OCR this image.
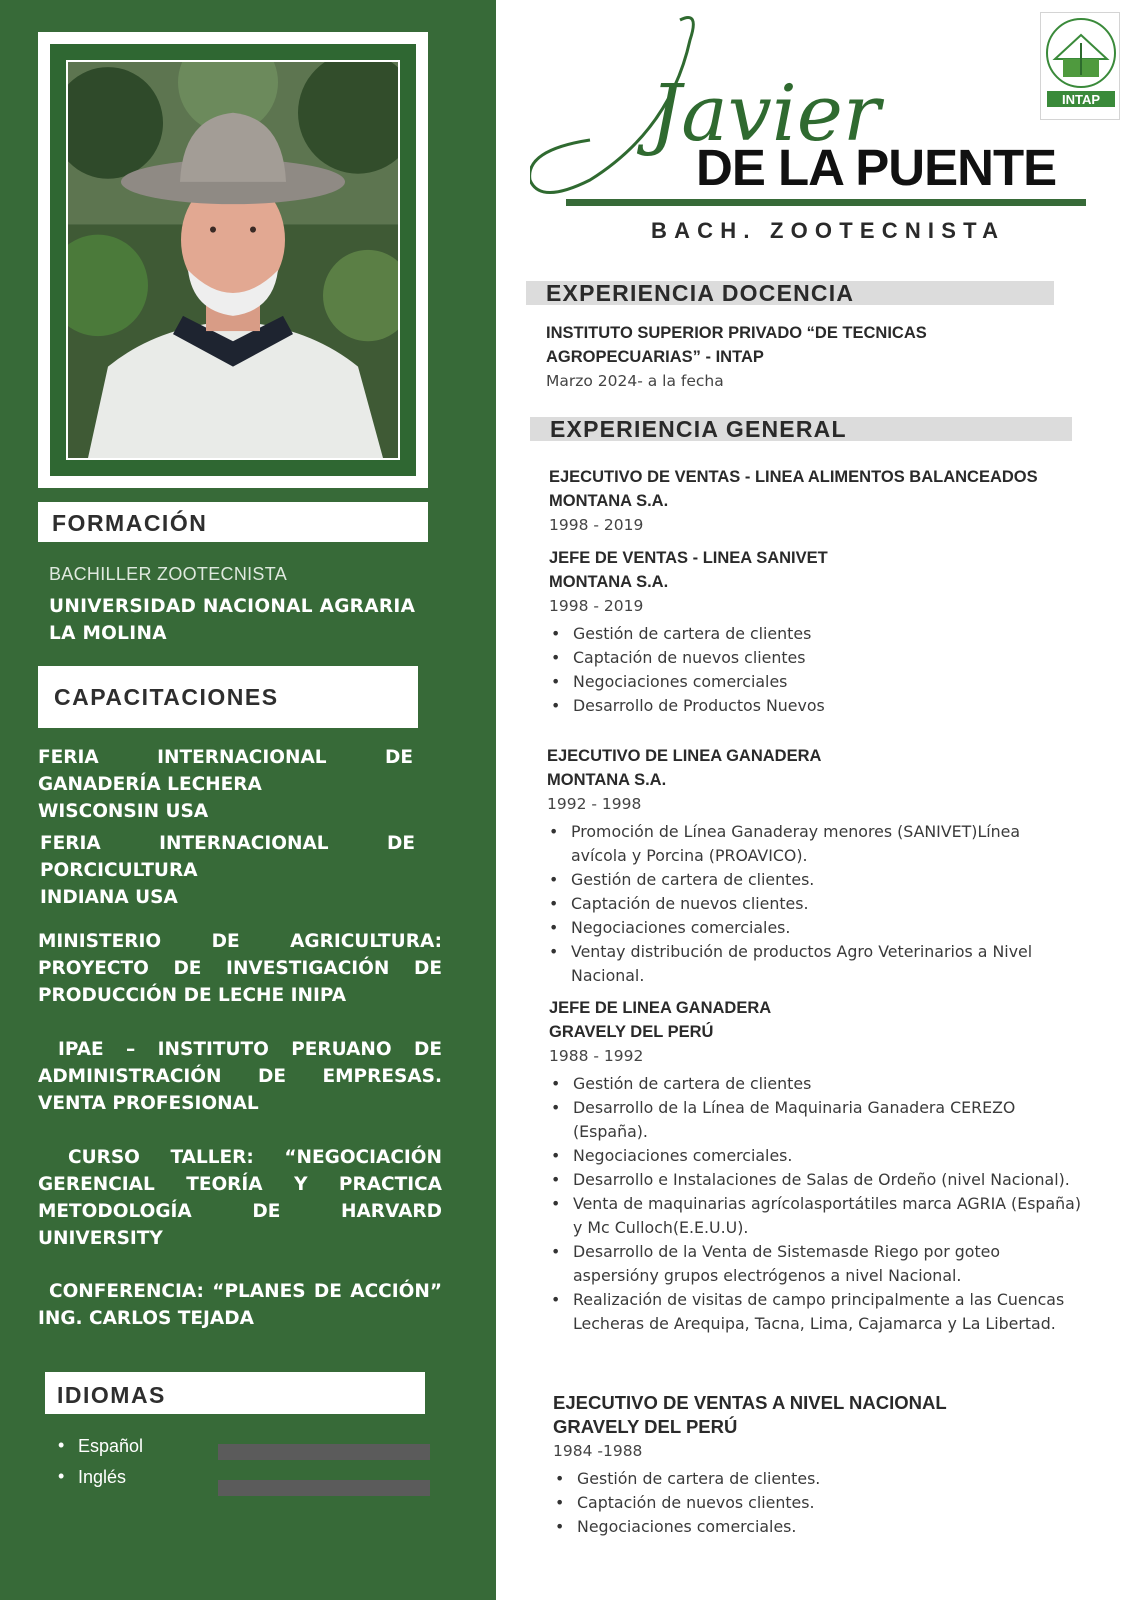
FORMACIÓN
BACHILLER ZOOTECNISTA
UNIVERSIDAD NACIONAL AGRARIA
LA MOLINA
CAPACITACIONES
FERIA INTERNACIONAL DE
GANADERÍA LECHERA
WISCONSIN USA
FERIA INTERNACIONAL DE
PORCICULTURA
INDIANA USA
MINISTERIO DE AGRICULTURA:
PROYECTO DE INVESTIGACIÓN DE
PRODUCCIÓN DE LECHE INIPA
IPAE – INSTITUTO PERUANO DE
ADMINISTRACIÓN DE EMPRESAS.
VENTA PROFESIONAL
CURSO TALLER: “NEGOCIACIÓN
GERENCIAL TEORÍA Y PRACTICA
METODOLOGÍA DE HARVARD
UNIVERSITY
CONFERENCIA: “PLANES DE ACCIÓN”
ING. CARLOS TEJADA
IDIOMAS
• Español
• Inglés
INTAP
Javier
DE LA PUENTE
BACH. ZOOTECNISTA
EXPERIENCIA DOCENCIA
INSTITUTO SUPERIOR PRIVADO “DE TECNICAS
AGROPECUARIAS” - INTAP
Marzo 2024- a la fecha
EXPERIENCIA GENERAL
EJECUTIVO DE VENTAS - LINEA ALIMENTOS BALANCEADOS
MONTANA S.A.
1998 - 2019
JEFE DE VENTAS - LINEA SANIVET
MONTANA S.A.
1998 - 2019
• Gestión de cartera de clientes
• Captación de nuevos clientes
• Negociaciones comerciales
• Desarrollo de Productos Nuevos
EJECUTIVO DE LINEA GANADERA
MONTANA S.A.
1992 - 1998
• Promoción de Línea Ganaderay menores (SANIVET)Línea avícola y Porcina (PROAVICO).
• Gestión de cartera de clientes.
• Captación de nuevos clientes.
• Negociaciones comerciales.
• Ventay distribución de productos Agro Veterinarios a Nivel Nacional.
JEFE DE LINEA GANADERA
GRAVELY DEL PERÚ
1988 - 1992
• Gestión de cartera de clientes
• Desarrollo de la Línea de Maquinaria Ganadera CEREZO (España).
• Negociaciones comerciales.
• Desarrollo e Instalaciones de Salas de Ordeño (nivel Nacional).
• Venta de maquinarias agrícolasportátiles marca AGRIA (España) y Mc Culloch(E.E.U.U).
• Desarrollo de la Venta de Sistemasde Riego por goteo aspersióny grupos electrógenos a nivel Nacional.
• Realización de visitas de campo principalmente a las Cuencas Lecheras de Arequipa, Tacna, Lima, Cajamarca y La Libertad.
EJECUTIVO DE VENTAS A NIVEL NACIONAL
GRAVELY DEL PERÚ
1984 -1988
• Gestión de cartera de clientes.
• Captación de nuevos clientes.
• Negociaciones comerciales.
